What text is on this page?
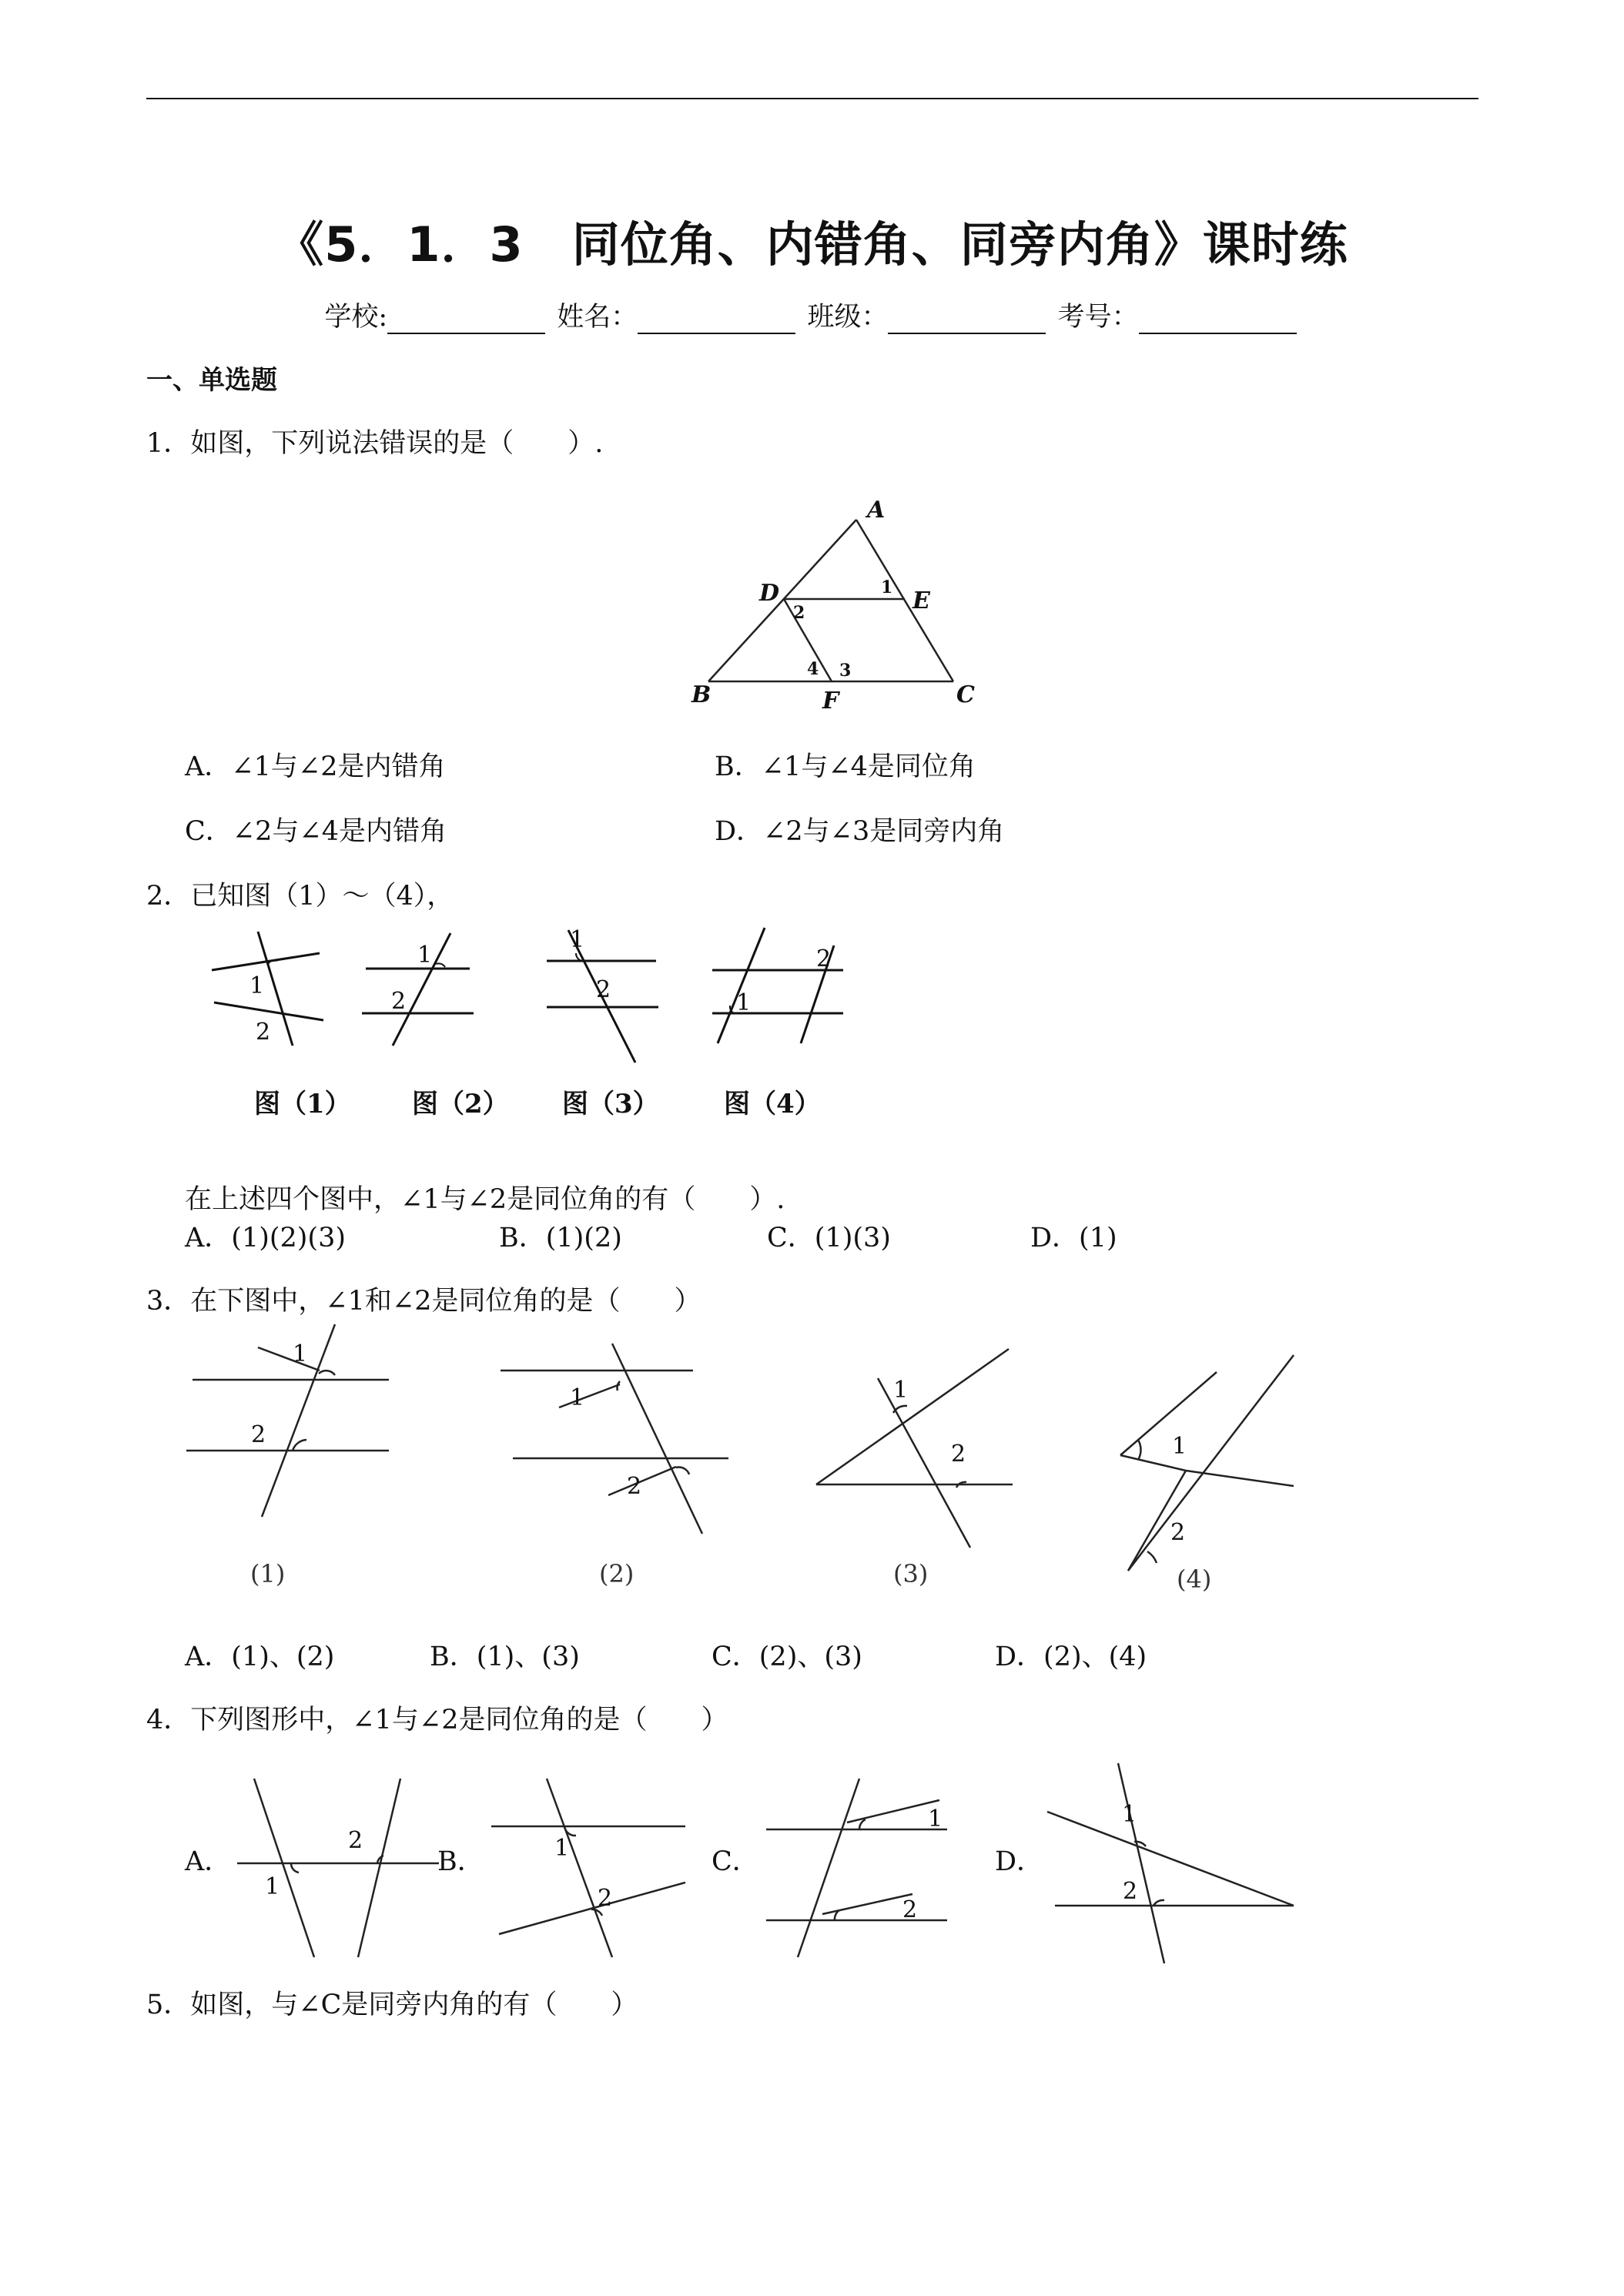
《5．1．3　同位角、内错角、同旁内角》课时练
学校:	姓名：	班级：	考号：
一、单选题
1．如图，下列说法错误的是（　　）.
A
D	E
B	F	C
1
2
3
4
A．∠1与∠2是内错角	B．∠1与∠4是同位角
C．∠2与∠4是内错角	D．∠2与∠3是同旁内角
2．已知图（1）～（4），
1
2
1
2
1
2
2
1
图（1） 图（2） 图（3） 图（4）
在上述四个图中，∠1与∠2是同位角的有（　　）.
A．(1)(2)(3)	B．(1)(2)	C．(1)(3)	D．(1)
3．在下图中，∠1和∠2是同位角的是（　　）
1
2
1
2
1
2	1
2
(1)	(2)	(3)	(4)
A．(1)、(2)	B．(1)、(3)	C．(2)、(3)	D．(2)、(4)
4．下列图形中，∠1与∠2是同位角的是（　　）
A．	B．	C．	D．
1
2	1
2
1
2
1
2
5．如图，与∠C是同旁内角的有（　　）
